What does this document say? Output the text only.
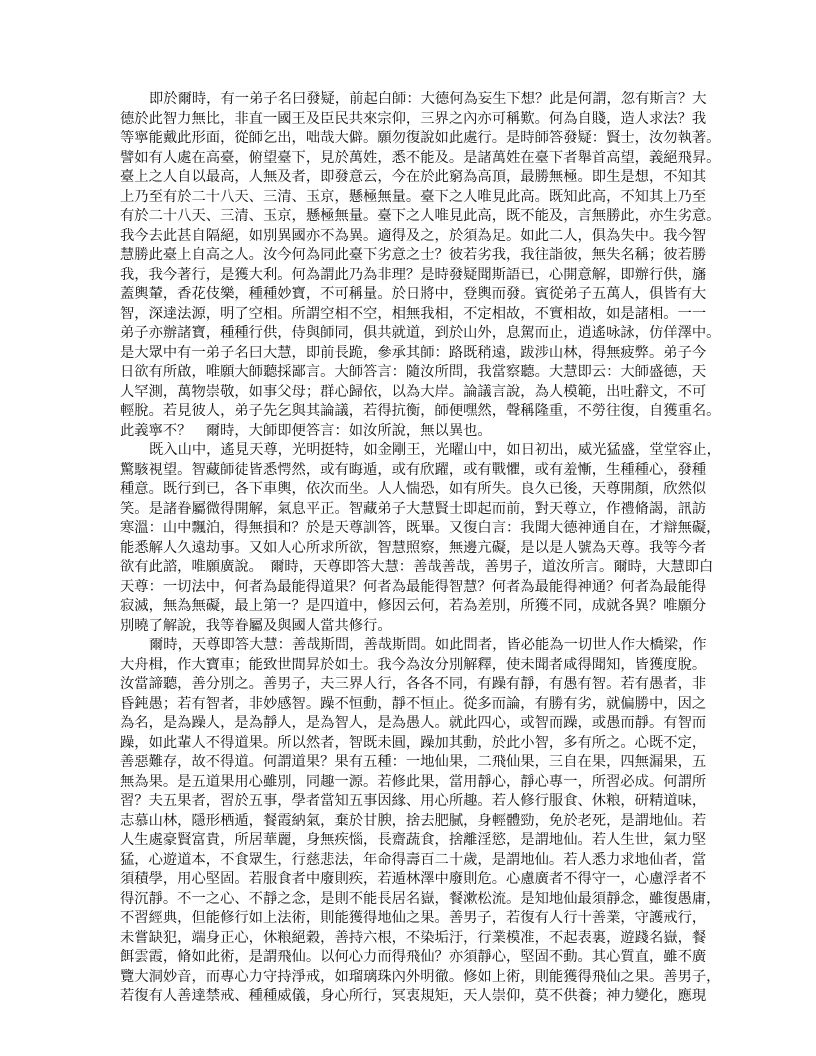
即於爾時，有一弟子名曰發疑，前起白師：大德何為妄生下想？此是何謂，忽有斯言？大
德於此智力無比，非直一國王及臣民共來宗仰，三界之內亦可稱歎。何為自賤，造人求法？我
等寧能戴此形面，從師乞出，咄哉大僻。願勿復說如此處行。是時師答發疑：賢士，汝勿執著。
譬如有人處在高臺，俯望臺下，見於萬姓，悉不能及。是諸萬姓在臺下者舉首高望，義絕飛昇。
臺上之人自以最高，人無及者，即發意云，今在於此窮為高頂，最勝無極。即生是想，不知其
上乃至有於二十八天、三清、玉京，懸極無量。臺下之人唯見此高。既知此高，不知其上乃至
有於二十八天、三清、玉京，懸極無量。臺下之人唯見此高，既不能及，言無勝此，亦生劣意。
我今去此甚自隔絕，如別異國亦不為異。適得及之，於須為足。如此二人，俱為失中。我今智
慧勝此臺上自高之人。汝今何為同此臺下劣意之士？彼若劣我，我往詣彼，無失名稱；彼若勝
我，我今著行，是獲大利。何為謂此乃為非理？是時發疑聞斯語已，心開意解，即辦行供，旛
蓋輿輦，香花伎樂，種種妙寶，不可稱量。於日將中，登輿而發。賓從弟子五萬人，俱皆有大
智，深達法源，明了空相。所謂空相不空，相無我相，不定相故，不實相故，如是諸相。一一
弟子亦辦諸寶，種種行供，侍與師同，俱共就道，到於山外，息駕而止，逍遙咏詠，仿佯澤中。
是大眾中有一弟子名曰大慧，即前長跪，參承其師：路既稍遠，跋涉山林，得無疲弊。弟子今
日欲有所啟，唯願大師聽採鄙言。大師答言：隨汝所問，我當察聽。大慧即云：大師盛德，天
人罕測，萬物崇敬，如事父母；群心歸依，以為大岸。論議言說，為人模範，出吐辭文，不可
輕脫。若見彼人，弟子先乞與其論議，若得抗衡，師便嘿然，聲稱隆重，不勞往復，自獲重名。
此義寧不？　爾時，大師即便答言：如汝所說，無以異也。
既入山中，遙見天尊，光明挺特，如金剛王，光曜山中，如日初出，威光猛盛，堂堂容止，
驚駭視望。智藏師徒皆悉愕然，或有晦遁，或有欣躍，或有戰懼，或有羞慚，生種種心，發種
種意。既行到已，各下車輿，依次而坐。人人惴恐，如有所失。良久已後，天尊開顏，欣然似
笑。是諸眷屬微得開解，氣息平正。智藏弟子大慧賢士即起而前，對天尊立，作禮脩謁，訊訪
寒溫：山中飄泊，得無損和？於是天尊訓答，既畢。又復白言：我聞大德神通自在，才辯無礙，
能悉解人久遠劫事。又如人心所求所欲，智慧照察，無邊亢礙，是以是人號為天尊。我等今者
欲有此諮，唯願廣說。　爾時，天尊即答大慧：善哉善哉，善男子，道汝所言。爾時，大慧即白
天尊：一切法中，何者為最能得道果？何者為最能得智慧？何者為最能得神通？何者為最能得
寂滅，無為無礙，最上第一？是四道中，修因云何，若為差別，所獲不同，成就各異？唯願分
別曉了解說，我等眷屬及與國人當共修行。
爾時，天尊即答大慧：善哉斯問，善哉斯問。如此問者，皆必能為一切世人作大橋梁，作
大舟楫，作大寶車；能致世間昇於如士。我今為汝分別解釋，使未聞者咸得聞知，皆獲度脫。
汝當諦聽，善分別之。善男子，夫三界人行，各各不同，有躁有靜，有愚有智。若有愚者，非
昏鈍愚；若有智者，非妙感智。躁不恒動，靜不恒止。從多而論，有勝有劣，就偏勝中，因之
為名，是為躁人，是為靜人，是為智人，是為愚人。就此四心，或智而躁，或愚而靜。有智而
躁，如此輩人不得道果。所以然者，智既未圓，躁加其動，於此小智，多有所之。心既不定，
善惡難存，故不得道。何謂道果？果有五種：一地仙果，二飛仙果，三自在果，四無漏果，五
無為果。是五道果用心雖別，同趣一源。若修此果，當用靜心，靜心專一，所習必成。何謂所
習？夫五果者，習於五事，學者當知五事因緣、用心所趣。若人修行服食、休粮，研精道味，
志慕山林，隱形栖遁，餐霞納氣，棄於甘腴，捨去肥膩，身輕體勁，免於老死，是謂地仙。若
人生處豪賢富貴，所居華麗，身無疾惱，長齋蔬食，捨離淫慾，是謂地仙。若人生世，氣力堅
猛，心遊道本，不食眾生，行慈悲法，年命得壽百二十歲，是謂地仙。若人悉力求地仙者，當
須積學，用心堅固。若服食者中廢則疾，若遁林澤中廢則危。心慮廣者不得守一，心慮浮者不
得沉靜。不一之心、不靜之念，是則不能長居名嶽，餐漱松流。是知地仙最須靜念，雖復愚庸，
不習經典，但能修行如上法術，則能獲得地仙之果。善男子，若復有人行十善業，守護戒行，
未嘗缺犯，端身正心，休粮絕穀，善持六根，不染垢汙，行業模准，不起表裏，遊踐名嶽，餐
餌雲霞，脩如此術，是謂飛仙。以何心力而得飛仙？亦須靜心，堅固不動。其心質直，雖不廣
覽大洞妙音，而專心力守持淨戒，如瑠璃珠內外明徹。修如上術，則能獲得飛仙之果。善男子，
若復有人善達禁戒、種種威儀，身心所行，冥衷規矩，天人崇仰，莫不供養；神力變化，應現
